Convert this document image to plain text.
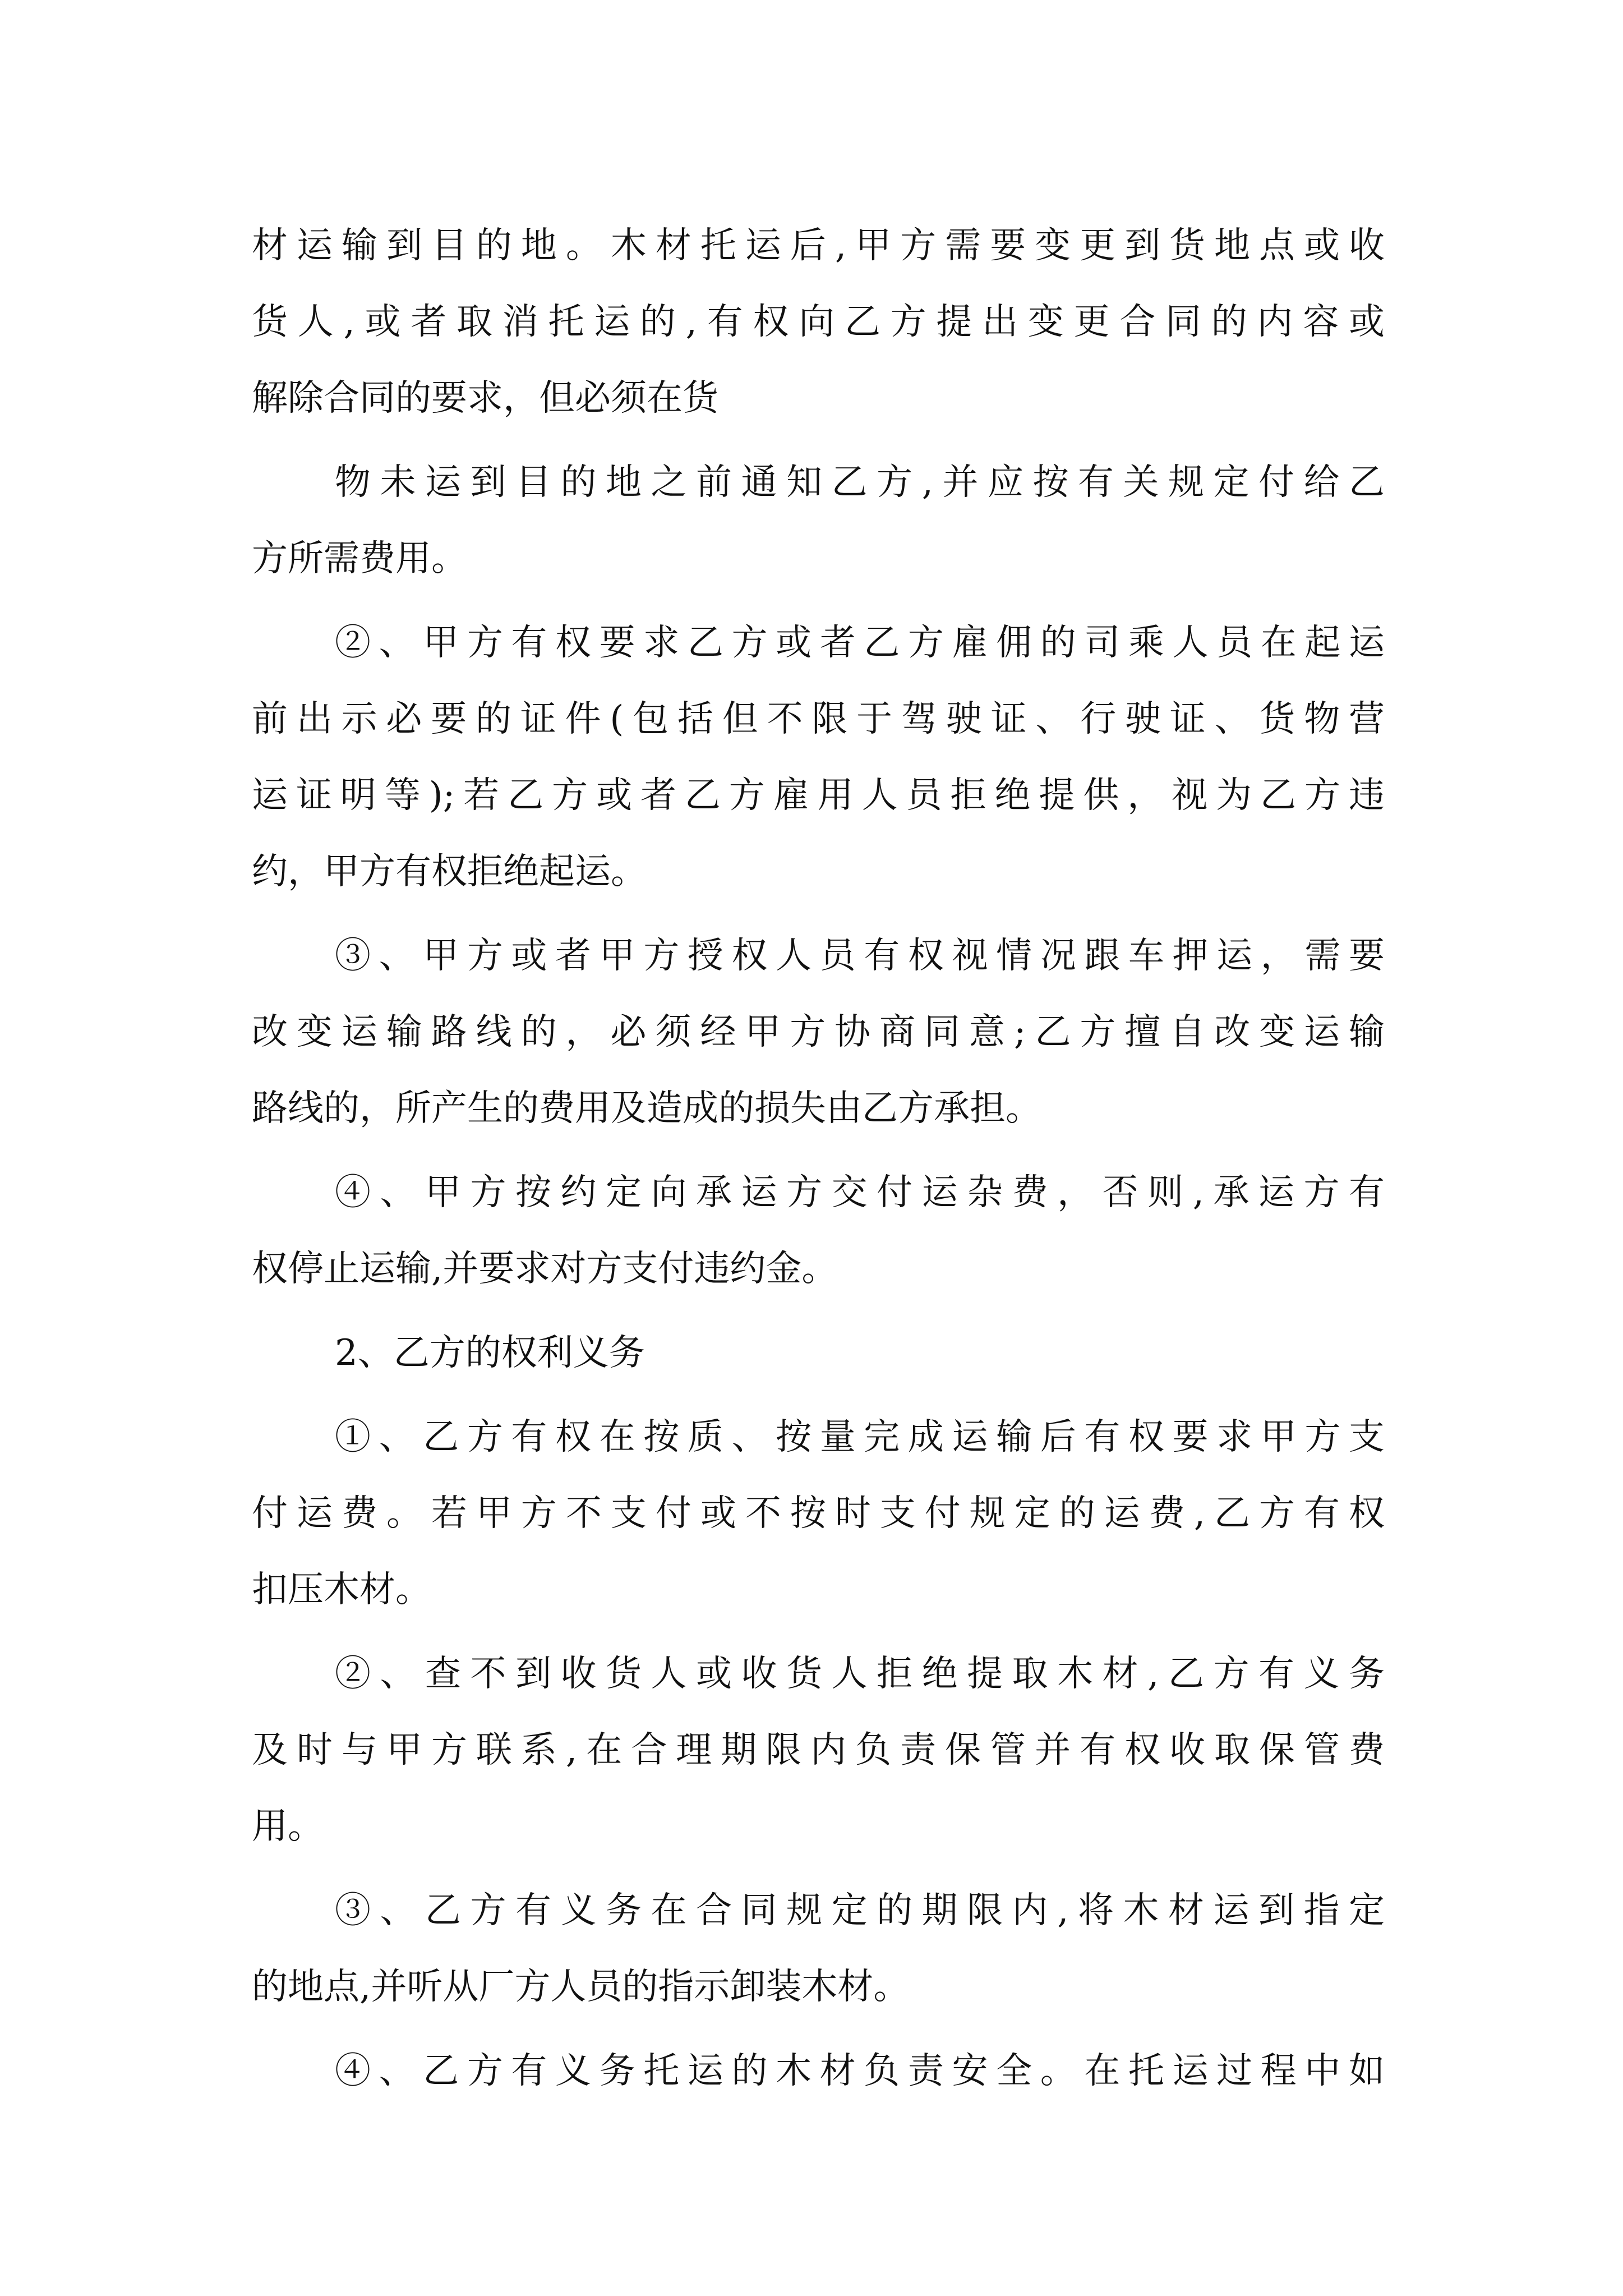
材运输到目的地。木材托运后,甲方需要变更到货地点或收
货人,或者取消托运的,有权向乙方提出变更合同的内容或
解除合同的要求，但必须在货
物未运到目的地之前通知乙方,并应按有关规定付给乙
方所需费用。
②、甲方有权要求乙方或者乙方雇佣的司乘人员在起运
前出示必要的证件(包括但不限于驾驶证、行驶证、货物营
运证明等);若乙方或者乙方雇用人员拒绝提供，视为乙方违
约，甲方有权拒绝起运。
③、甲方或者甲方授权人员有权视情况跟车押运，需要
改变运输路线的，必须经甲方协商同意;乙方擅自改变运输
路线的，所产生的费用及造成的损失由乙方承担。
④、甲方按约定向承运方交付运杂费，否则,承运方有
权停止运输,并要求对方支付违约金。
2、乙方的权利义务
①、乙方有权在按质、按量完成运输后有权要求甲方支
付运费。若甲方不支付或不按时支付规定的运费,乙方有权
扣压木材。
②、查不到收货人或收货人拒绝提取木材,乙方有义务
及时与甲方联系,在合理期限内负责保管并有权收取保管费
用。
③、乙方有义务在合同规定的期限内,将木材运到指定
的地点,并听从厂方人员的指示卸装木材。
④、乙方有义务托运的木材负责安全。在托运过程中如
